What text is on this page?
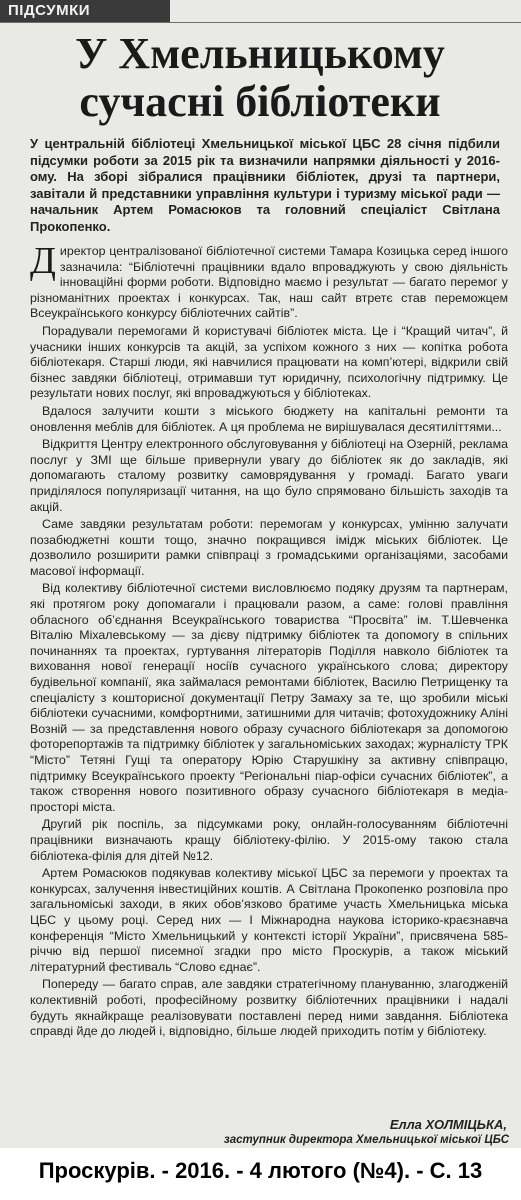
ПІДСУМКИ
У Хмельницькому
сучасні бібліотеки

У центральній бібліотеці Хмельницької міської ЦБС 28 січня підбили підсумки роботи за 2015 рік та визначили напрямки діяльності у 2016-ому. На зборі зібралися працівники бібліотек, друзі та партнери, завітали й представники управління культури і туризму міської ради — начальник Артем Ромасюков та головний спеціаліст Світлана Прокопенко.

Директор централізованої бібліотечної системи Тамара Козицька серед іншого зазначила: “Бібліотечні працівники вдало впроваджують у свою діяльність інноваційні форми роботи. Відповідно маємо і результат — багато перемог у різноманітних проектах і конкурсах. Так, наш сайт втретє став переможцем Всеукраїнського конкурсу бібліотечних сайтів”.

Порадували перемогами й користувачі бібліотек міста. Це і “Кращий читач”, й учасники інших конкурсів та акцій, за успіхом кожного з них — копітка робота бібліотекаря. Старші люди, які навчилися працювати на комп’ютері, відкрили свій бізнес завдяки бібліотеці, отримавши тут юридичну, психологічну підтримку. Це результати нових послуг, які впроваджуються у бібліотеках.

Вдалося залучити кошти з міського бюджету на капітальні ремонти та оновлення меблів для бібліотек. А ця проблема не вирішувалася десятиліттями...

Відкриття Центру електронного обслуговування у бібліотеці на Озерній, реклама послуг у ЗМІ ще більше привернули увагу до бібліотек як до закладів, які допомагають сталому розвитку самоврядування у громаді. Багато уваги приділялося популяризації читання, на що було спрямовано більшість заходів та акцій.

Саме завдяки результатам роботи: перемогам у конкурсах, умінню залучати позабюджетні кошти тощо, значно покращився імідж міських бібліотек. Це дозволило розширити рамки співпраці з громадськими організаціями, засобами масової інформації.

Від колективу бібліотечної системи висловлюємо подяку друзям та партнерам, які протягом року допомагали і працювали разом, а саме: голові правління обласного об’єднання Всеукраїнського товариства “Просвіта” ім. Т.Шевченка Віталію Міхалевському — за дієву підтримку бібліотек та допомогу в спільних починаннях та проектах, гуртування літераторів Поділля навколо бібліотек та виховання нової генерації носіїв сучасного українського слова; директору будівельної компанії, яка займалася ремонтами бібліотек, Василю Петрищенку та спеціалісту з кошторисної документації Петру Замаху за те, що зробили міські бібліотеки сучасними, комфортними, затишними для читачів; фотохудожнику Аліні Возній — за представлення нового образу сучасного бібліотекаря за допомогою фоторепортажів та підтримку бібліотек у загальноміських заходах; журналісту ТРК “Місто” Тетяні Гущі та оператору Юрію Старушкіну за активну співпрацю, підтримку Всеукраїнського проекту “Регіональні піар-офіси сучасних бібліотек”, а також створення нового позитивного образу сучасного бібліотекаря в медіа-просторі міста.

Другий рік поспіль, за підсумками року, онлайн-голосуванням бібліотечні працівники визначають кращу бібліотеку-філію. У 2015-ому такою стала бібліотека-філія для дітей №12.

Артем Ромасюков подякував колективу міської ЦБС за перемоги у проектах та конкурсах, залучення інвестиційних коштів. А Світлана Прокопенко розповіла про загальноміські заходи, в яких обов’язково братиме участь Хмельницька міська ЦБС у цьому році. Серед них — І Міжнародна наукова історико-краєзнавча конференція “Місто Хмельницький у контексті історії України”, присвячена 585-річчю від першої писемної згадки про місто Проскурів, а також міський літературний фестиваль “Слово єднає”.

Попереду — багато справ, але завдяки стратегічному плануванню, злагодженій колективній роботі, професійному розвитку бібліотечних працівники і надалі будуть якнайкраще реалізовувати поставлені перед ними завдання. Бібліотека справді йде до людей і, відповідно, більше людей приходить потім у бібліотеку.

Елла ХОЛМІЦЬКА,
заступник директора Хмельницької міської ЦБС
Проскурів. - 2016. - 4 лютого (№4). - С. 13
